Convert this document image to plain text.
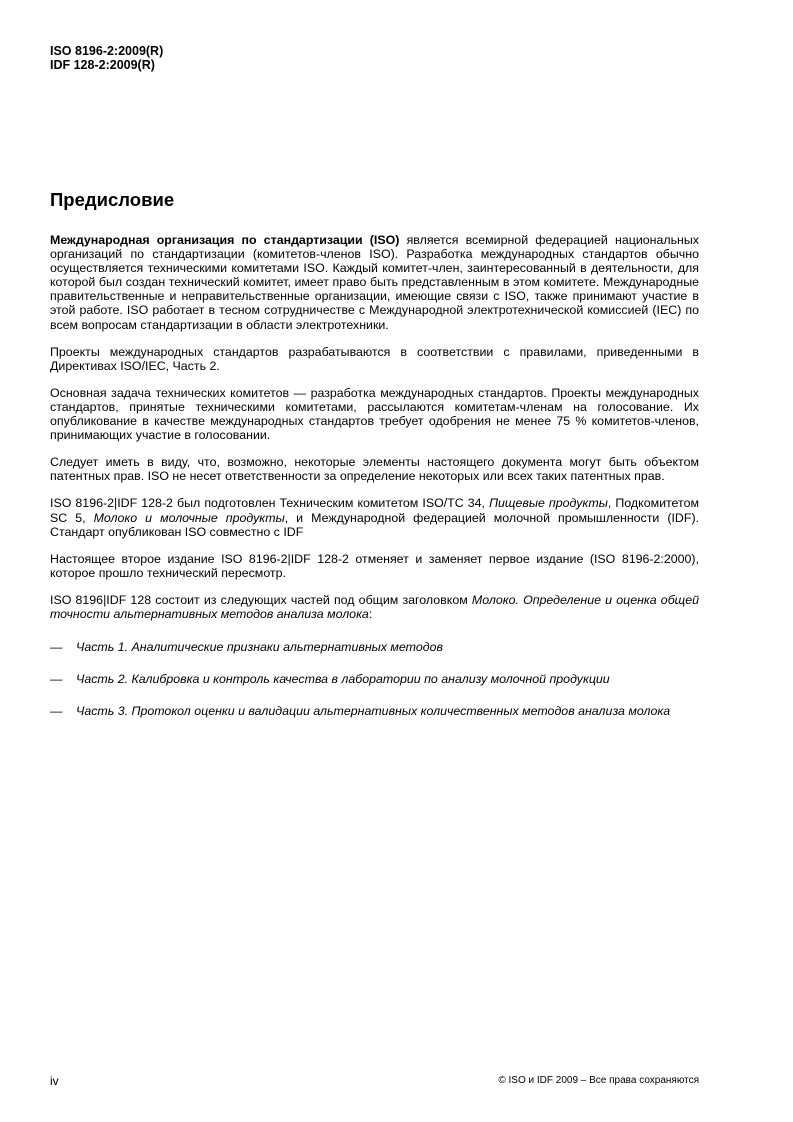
ISO 8196-2:2009(R)
IDF 128-2:2009(R)
Предисловие

Международная организация по стандартизации (ISO) является всемирной федерацией национальных организаций по стандартизации (комитетов-членов ISO). Разработка международных стандартов обычно осуществляется техническими комитетами ISO. Каждый комитет-член, заинтересованный в деятельности, для которой был создан технический комитет, имеет право быть представленным в этом комитете. Международные правительственные и неправительственные организации, имеющие связи с ISO, также принимают участие в этой работе. ISO работает в тесном сотрудничестве с Международной электротехнической комиссией (IEC) по всем вопросам стандартизации в области электротехники.

Проекты международных стандартов разрабатываются в соответствии с правилами, приведенными в Директивах ISO/IEC, Часть 2.

Основная задача технических комитетов — разработка международных стандартов. Проекты международных стандартов, принятые техническими комитетами, рассылаются комитетам-членам на голосование. Их опубликование в качестве международных стандартов требует одобрения не менее 75 % комитетов-членов, принимающих участие в голосовании.

Следует иметь в виду, что, возможно, некоторые элементы настоящего документа могут быть объектом патентных прав. ISO не несет ответственности за определение некоторых или всех таких патентных прав.

ISO 8196-2|IDF 128-2 был подготовлен Техническим комитетом ISO/TC 34, Пищевые продукты, Подкомитетом SC 5, Молоко и молочные продукты, и Международной федерацией молочной промышленности (IDF). Стандарт опубликован ISO совместно с IDF

Настоящее второе издание ISO 8196-2|IDF 128-2 отменяет и заменяет первое издание (ISO 8196-2:2000), которое прошло технический пересмотр.

ISO 8196|IDF 128 состоит из следующих частей под общим заголовком Молоко. Определение и оценка общей точности альтернативных методов анализа молока:

— Часть 1. Аналитические признаки альтернативных методов
— Часть 2. Калибровка и контроль качества в лаборатории по анализу молочной продукции
— Часть 3. Протокол оценки и валидации альтернативных количественных методов анализа молока
iv	© ISO и IDF 2009 – Все права сохраняются
